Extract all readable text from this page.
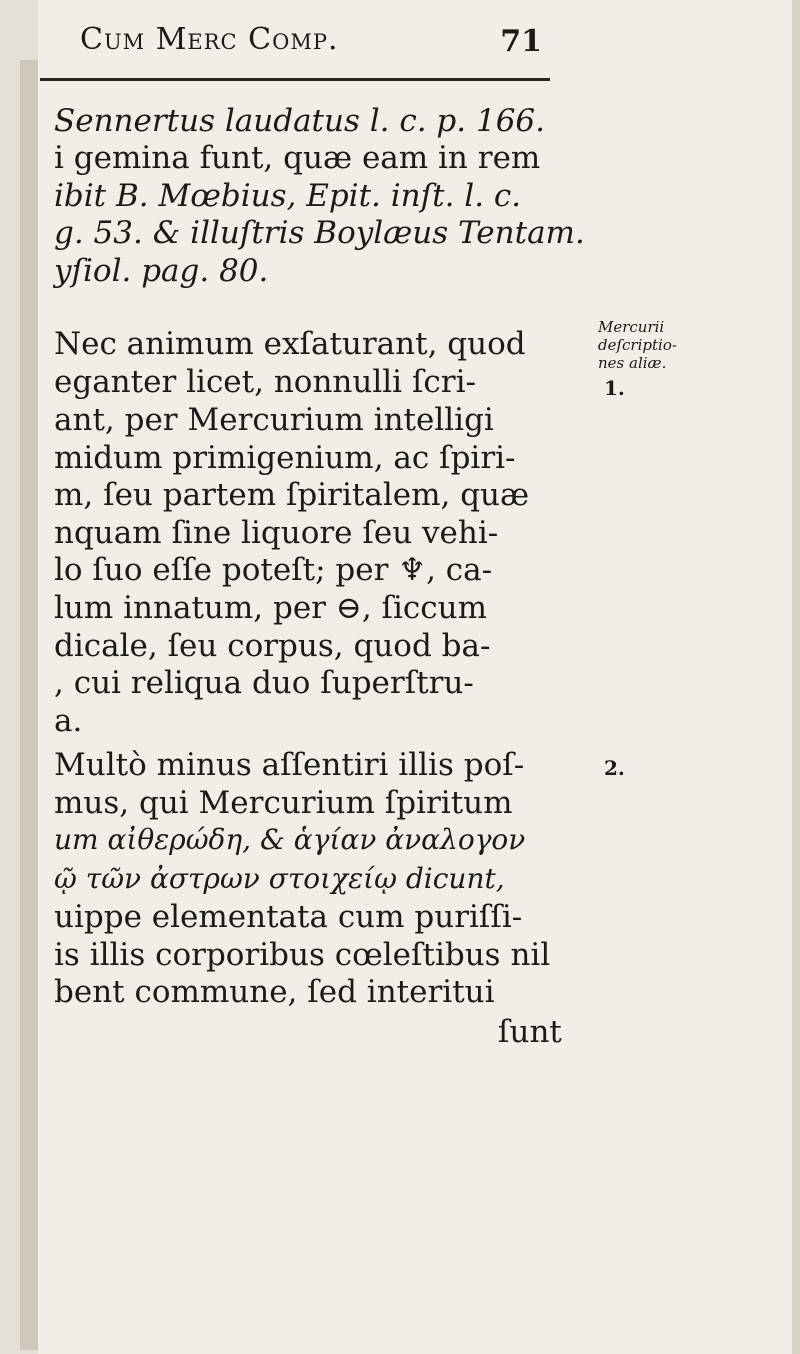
Cum Merc Comp.	71
Sennertus laudatus l. c. p. 166.
i gemina funt, quæ eam in rem
ibit B. Mœbius, Epit. inſt. l. c.
g. 53. & illuſtris Boylæus Tentam.
yſiol. pag. 80.
Nec animum exſaturant, quod
eganter licet, nonnulli ſcri-
ant, per Mercurium intelligi
midum primigenium, ac ſpiri-
m, ſeu partem ſpiritalem, quæ
nquam ſine liquore ſeu vehi-
lo ſuo eſſe poteſt; per ♆, ca-
lum innatum, per ⊖, ſiccum
dicale, ſeu corpus, quod ba-
, cui reliqua duo ſuperſtru-
a.
Multò minus aſſentiri illis poſ-
mus, qui Mercurium ſpiritum
um αἰθερώδη, & ἁγίαν ἀναλογον
ῷ τῶν ἀστρων στοιχείῳ dicunt,
uippe elementata cum puriſſi-
is illis corporibus cœleſtibus nil
bent commune, ſed interitui
ſunt
Mercurii
deſcriptio-
nes aliæ.
1.
2.
